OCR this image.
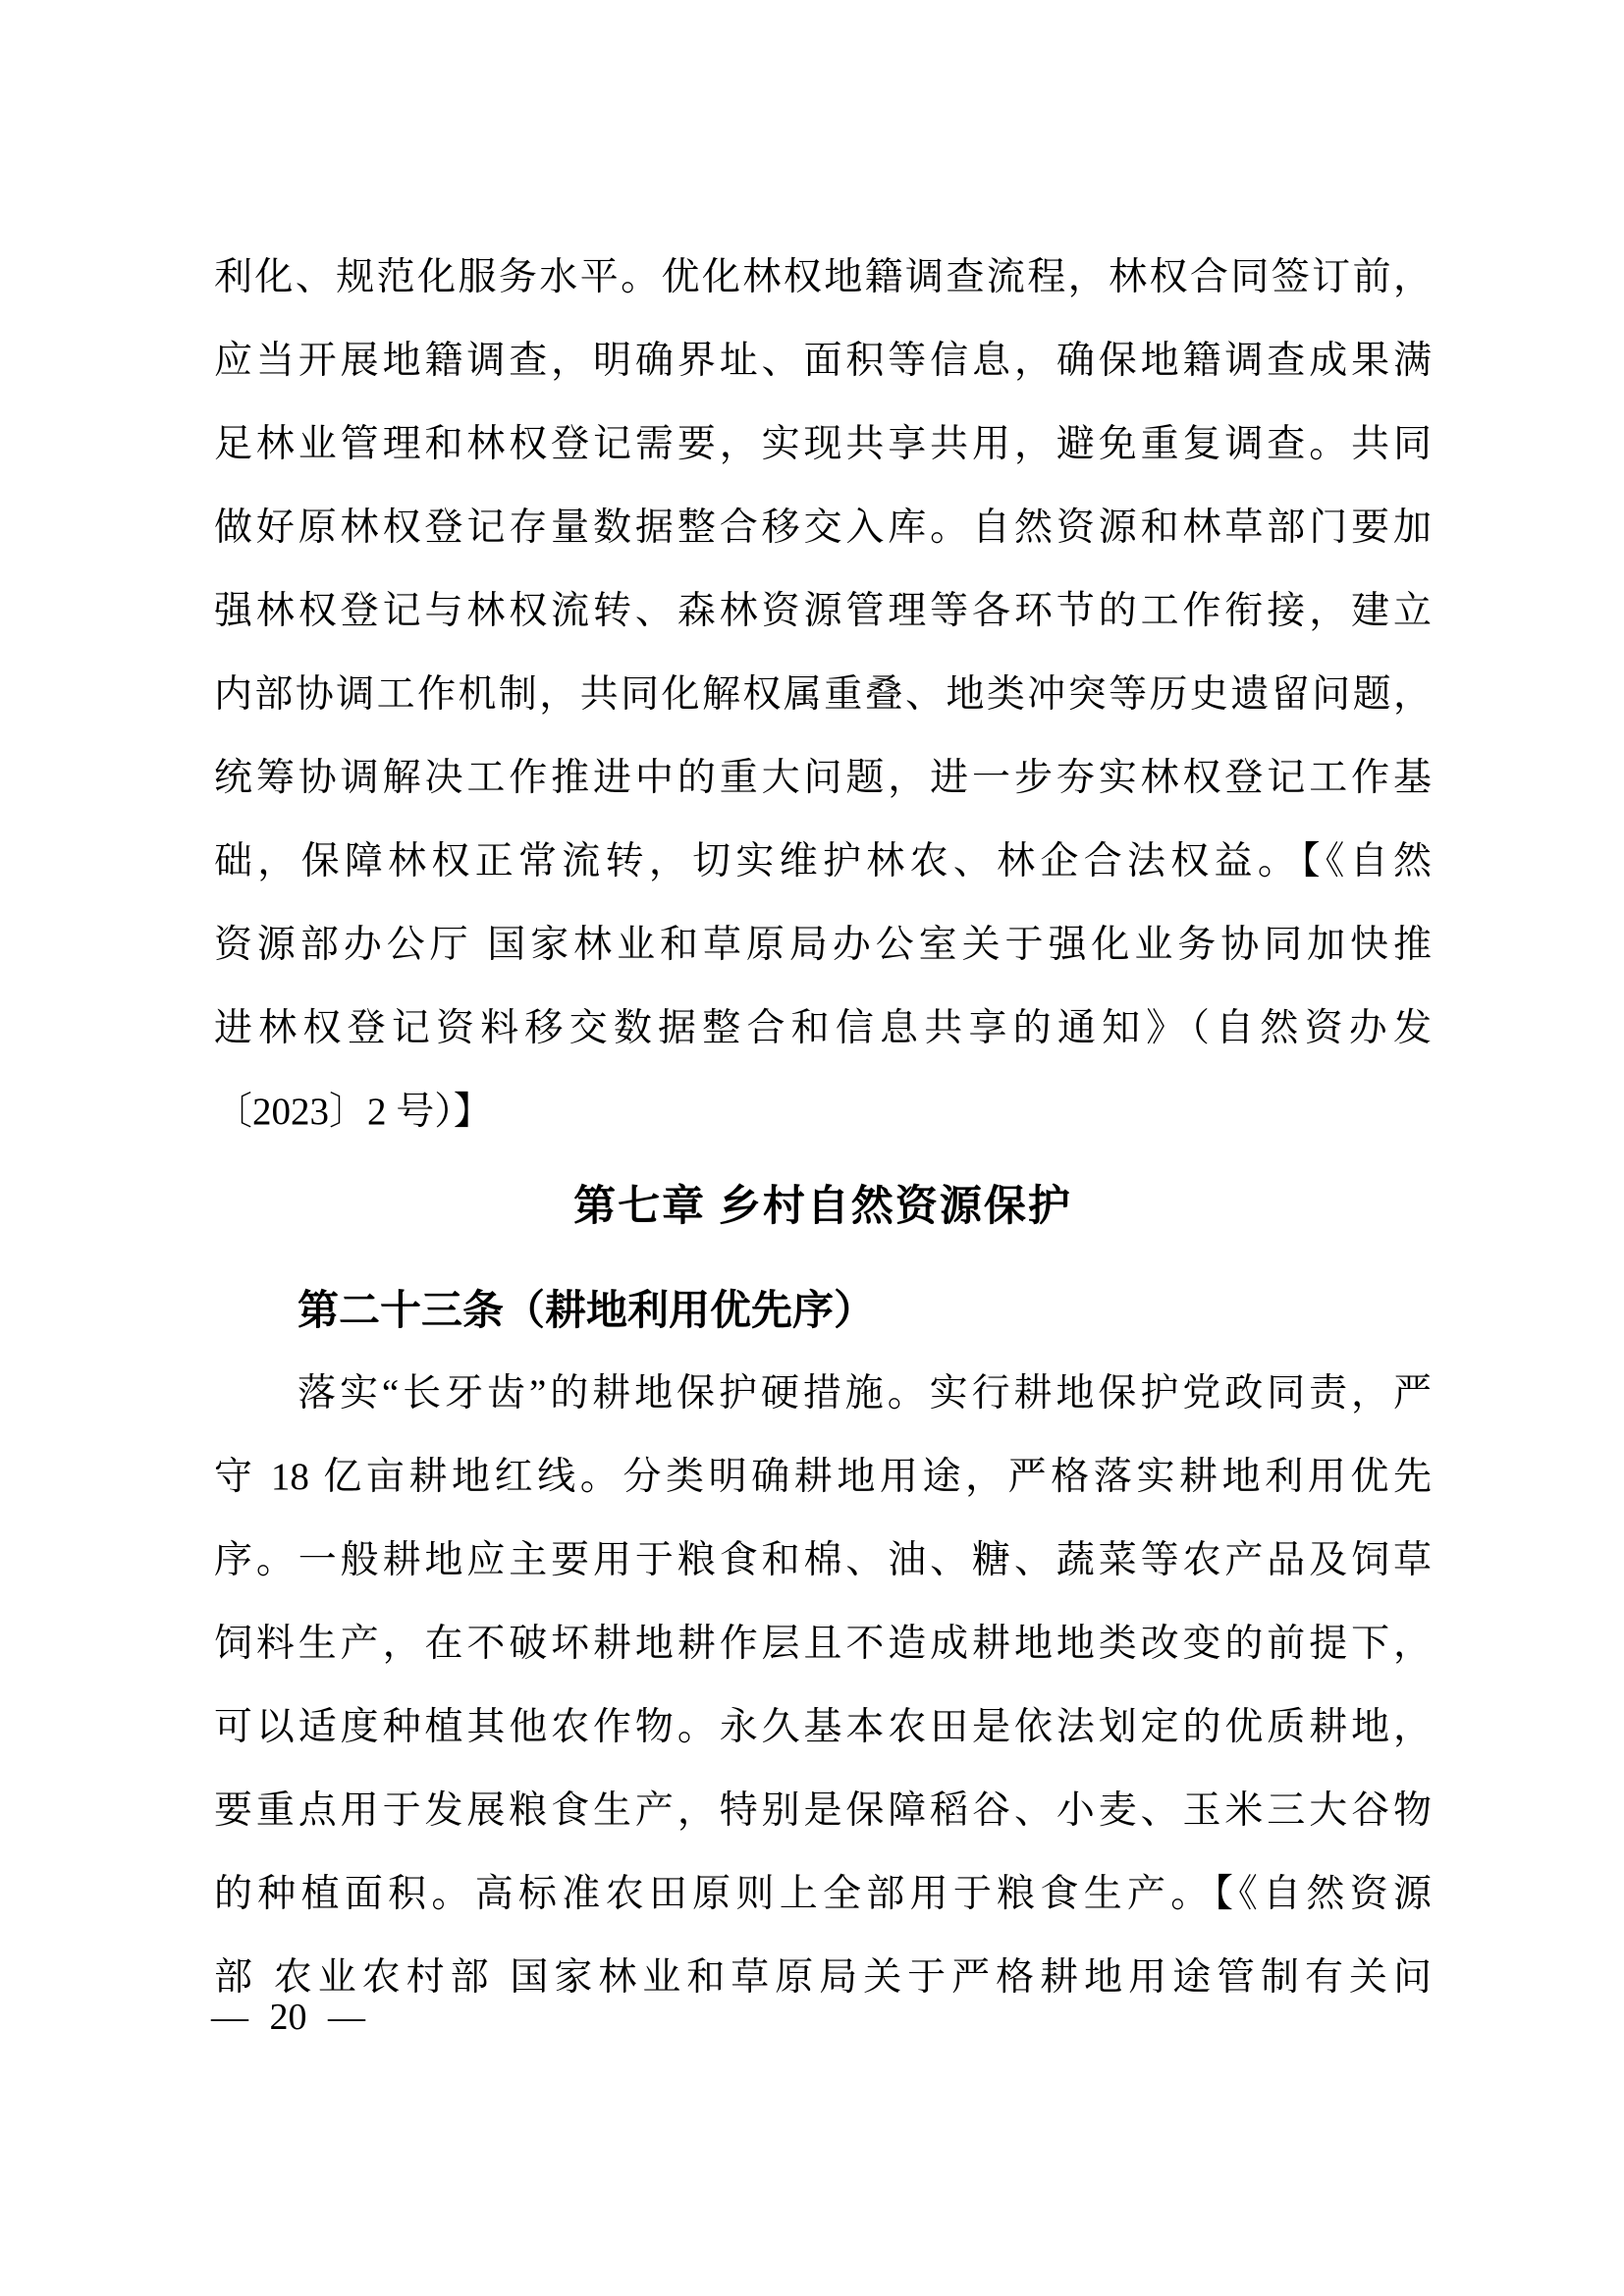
利化、规范化服务水平。优化林权地籍调查流程，林权合同签订前，
应当开展地籍调查，明确界址、面积等信息，确保地籍调查成果满
足林业管理和林权登记需要，实现共享共用，避免重复调查。共同
做好原林权登记存量数据整合移交入库。自然资源和林草部门要加
强林权登记与林权流转、森林资源管理等各环节的工作衔接，建立
内部协调工作机制，共同化解权属重叠、地类冲突等历史遗留问题，
统筹协调解决工作推进中的重大问题，进一步夯实林权登记工作基
础，保障林权正常流转，切实维护林农、林企合法权益。【《自然
资源部办公厅 国家林业和草原局办公室关于强化业务协同加快推
进林权登记资料移交数据整合和信息共享的通知》（自然资办发
〔2023〕2 号）】
第七章 乡村自然资源保护
第二十三条（耕地利用优先序）
落实“长牙齿”的耕地保护硬措施。实行耕地保护党政同责，严
守 18 亿亩耕地红线。分类明确耕地用途，严格落实耕地利用优先
序。一般耕地应主要用于粮食和棉、油、糖、蔬菜等农产品及饲草
饲料生产，在不破坏耕地耕作层且不造成耕地地类改变的前提下，
可以适度种植其他农作物。永久基本农田是依法划定的优质耕地，
要重点用于发展粮食生产，特别是保障稻谷、小麦、玉米三大谷物
的种植面积。高标准农田原则上全部用于粮食生产。【《自然资源
部 农业农村部 国家林业和草原局关于严格耕地用途管制有关问
— 20 —
